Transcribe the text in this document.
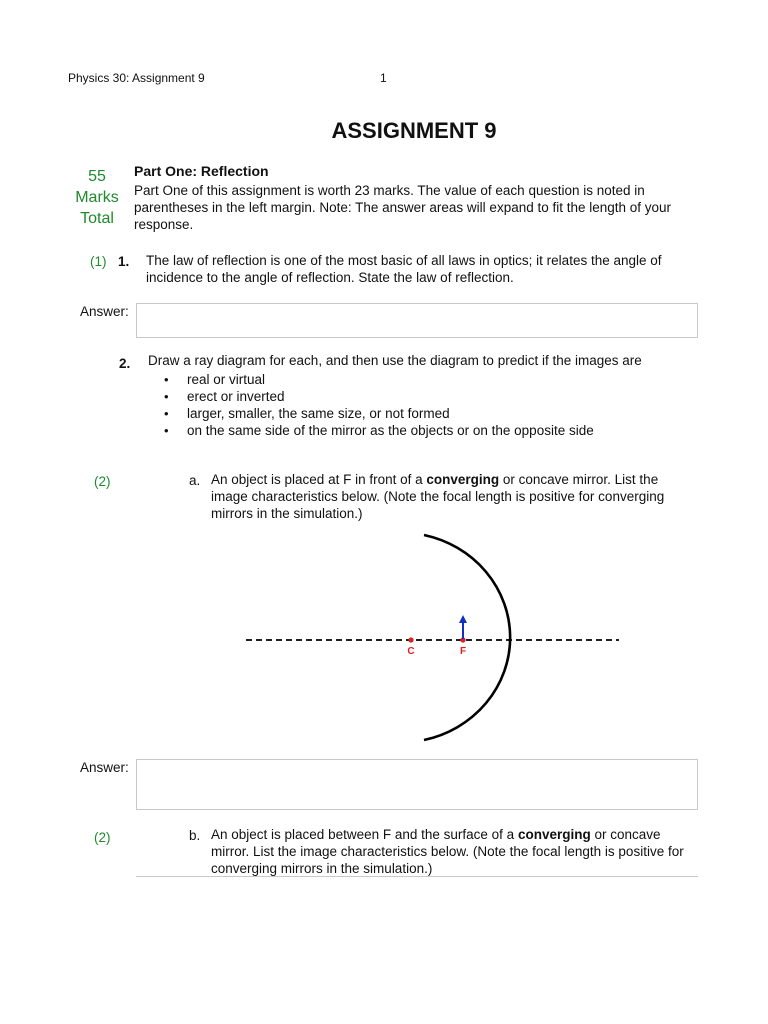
Physics 30: Assignment 9	1
ASSIGNMENT 9
55
Marks
Total
Part One: Reflection
Part One of this assignment is worth 23 marks. The value of each question is noted in parentheses in the left margin. Note: The answer areas will expand to fit the length of your response.
(1) 1. The law of reflection is one of the most basic of all laws in optics; it relates the angle of incidence to the angle of reflection. State the law of reflection.
Answer:
2. Draw a ray diagram for each, and then use the diagram to predict if the images are
• real or virtual
• erect or inverted
• larger, smaller, the same size, or not formed
• on the same side of the mirror as the objects or on the opposite side
(2)	a. An object is placed at F in front of a converging or concave mirror. List the image characteristics below. (Note the focal length is positive for converging mirrors in the simulation.)
C	F
Answer:
(2)	b. An object is placed between F and the surface of a converging or concave mirror. List the image characteristics below. (Note the focal length is positive for converging mirrors in the simulation.)
